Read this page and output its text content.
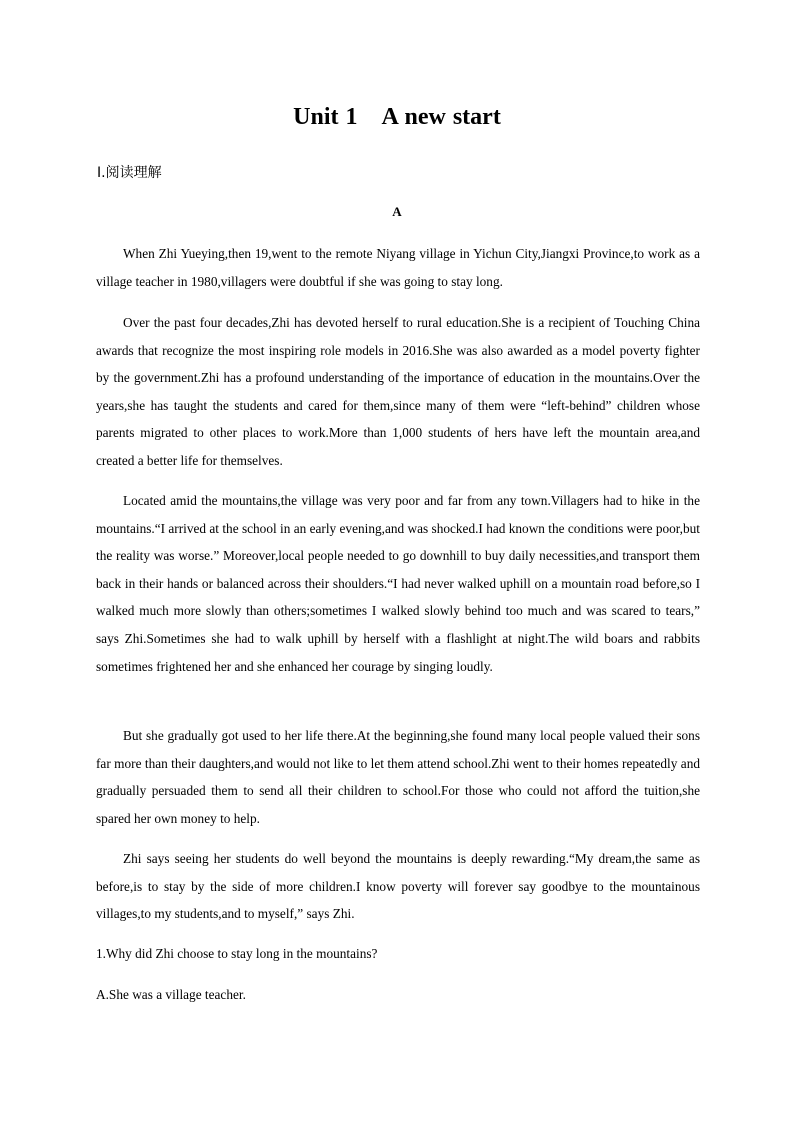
Unit 1 A new start
Ⅰ.阅读理解
A

When Zhi Yueying,then 19,went to the remote Niyang village in Yichun City,Jiangxi Province,to work as a village teacher in 1980,villagers were doubtful if she was going to stay long.

Over the past four decades,Zhi has devoted herself to rural education.She is a recipient of Touching China awards that recognize the most inspiring role models in 2016.She was also awarded as a model poverty fighter by the government.Zhi has a profound understanding of the importance of education in the mountains.Over the years,she has taught the students and cared for them,since many of them were “left-behind” children whose parents migrated to other places to work.More than 1,000 students of hers have left the mountain area,and created a better life for themselves.

Located amid the mountains,the village was very poor and far from any town.Villagers had to hike in the mountains.“I arrived at the school in an early evening,and was shocked.I had known the conditions were poor,but the reality was worse.” Moreover,local people needed to go downhill to buy daily necessities,and transport them back in their hands or balanced across their shoulders.“I had never walked uphill on a mountain road before,so I walked much more slowly than others;sometimes I walked slowly behind too much and was scared to tears,” says Zhi.Sometimes she had to walk uphill by herself with a flashlight at night.The wild boars and rabbits sometimes frightened her and she enhanced her courage by singing loudly.

But she gradually got used to her life there.At the beginning,she found many local people valued their sons far more than their daughters,and would not like to let them attend school.Zhi went to their homes repeatedly and gradually persuaded them to send all their children to school.For those who could not afford the tuition,she spared her own money to help.

Zhi says seeing her students do well beyond the mountains is deeply rewarding.“My dream,the same as before,is to stay by the side of more children.I know poverty will forever say goodbye to the mountainous villages,to my students,and to myself,” says Zhi.

1.Why did Zhi choose to stay long in the mountains?
A.She was a village teacher.
